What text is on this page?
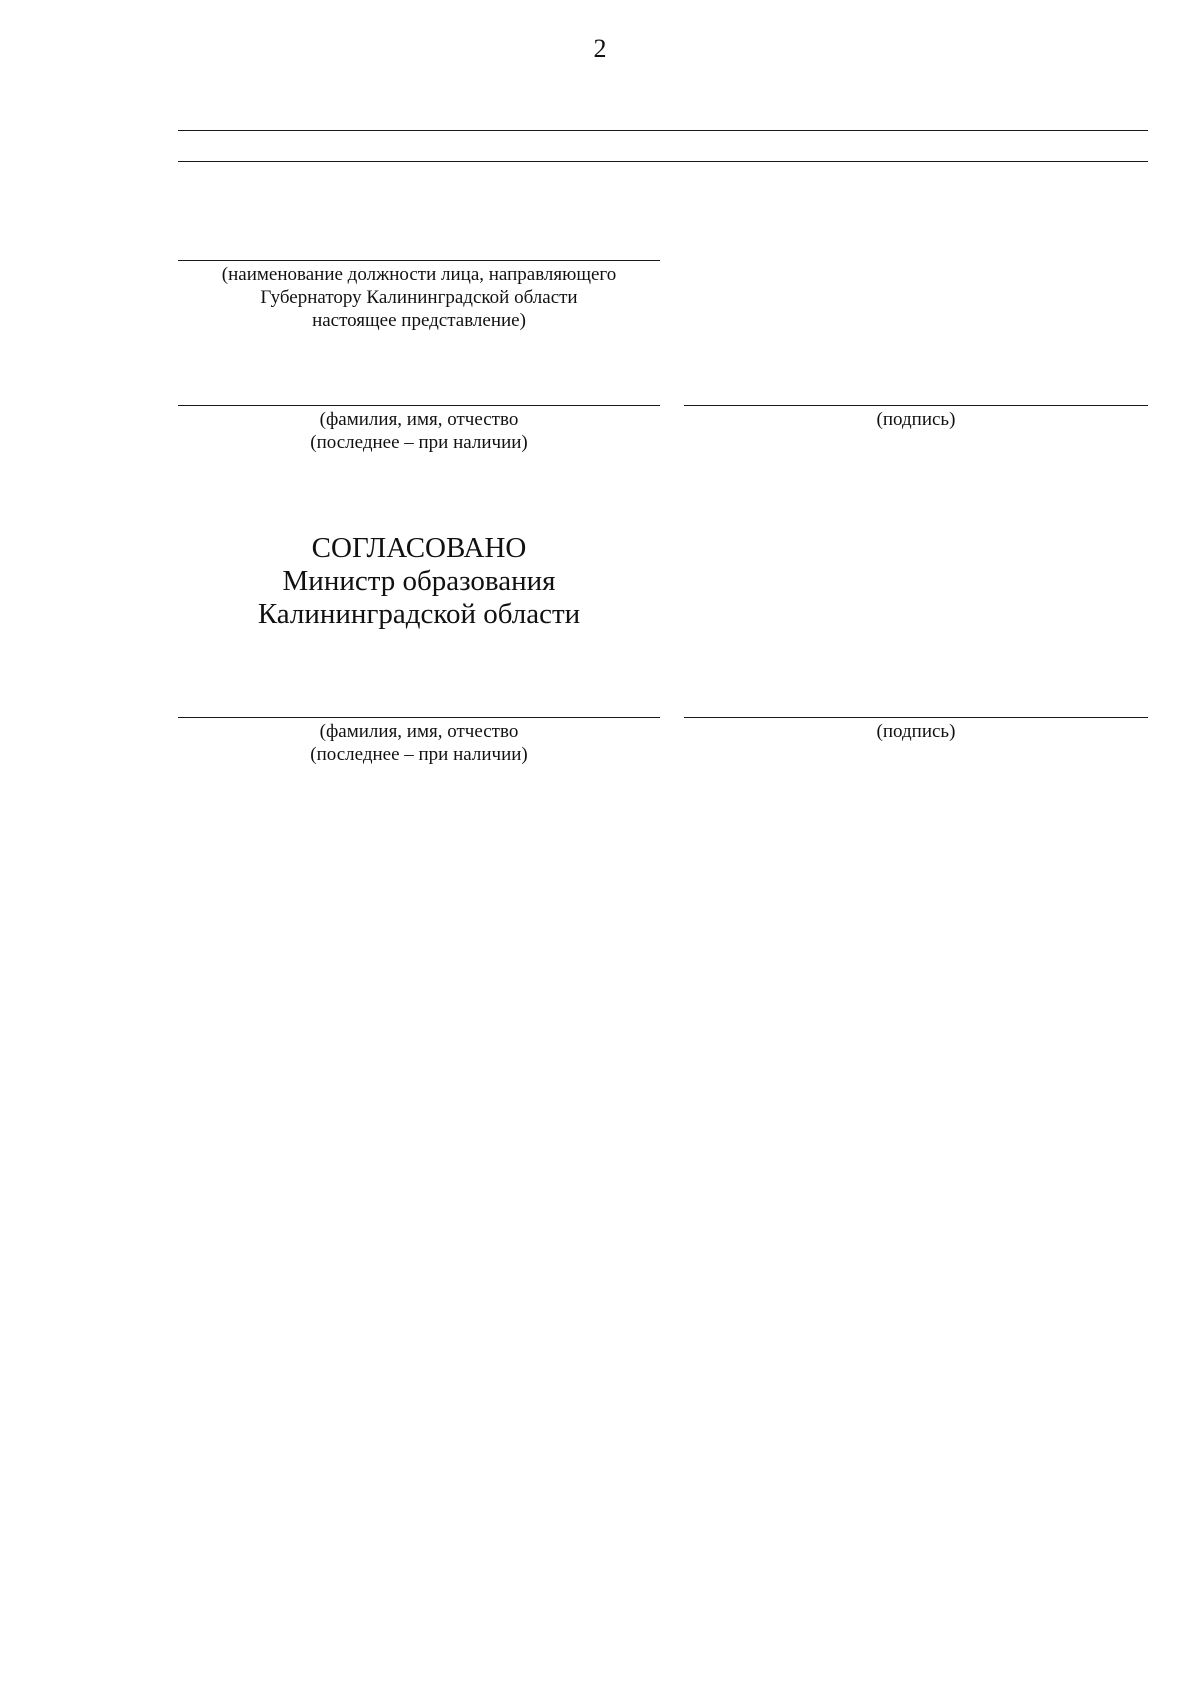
2
(наименование должности лица, направляющего
Губернатору Калининградской области
настоящее представление)
(фамилия, имя, отчество
(последнее – при наличии)
(подпись)
СОГЛАСОВАНО
Министр образования
Калининградской области
(фамилия, имя, отчество
(последнее – при наличии)
(подпись)
